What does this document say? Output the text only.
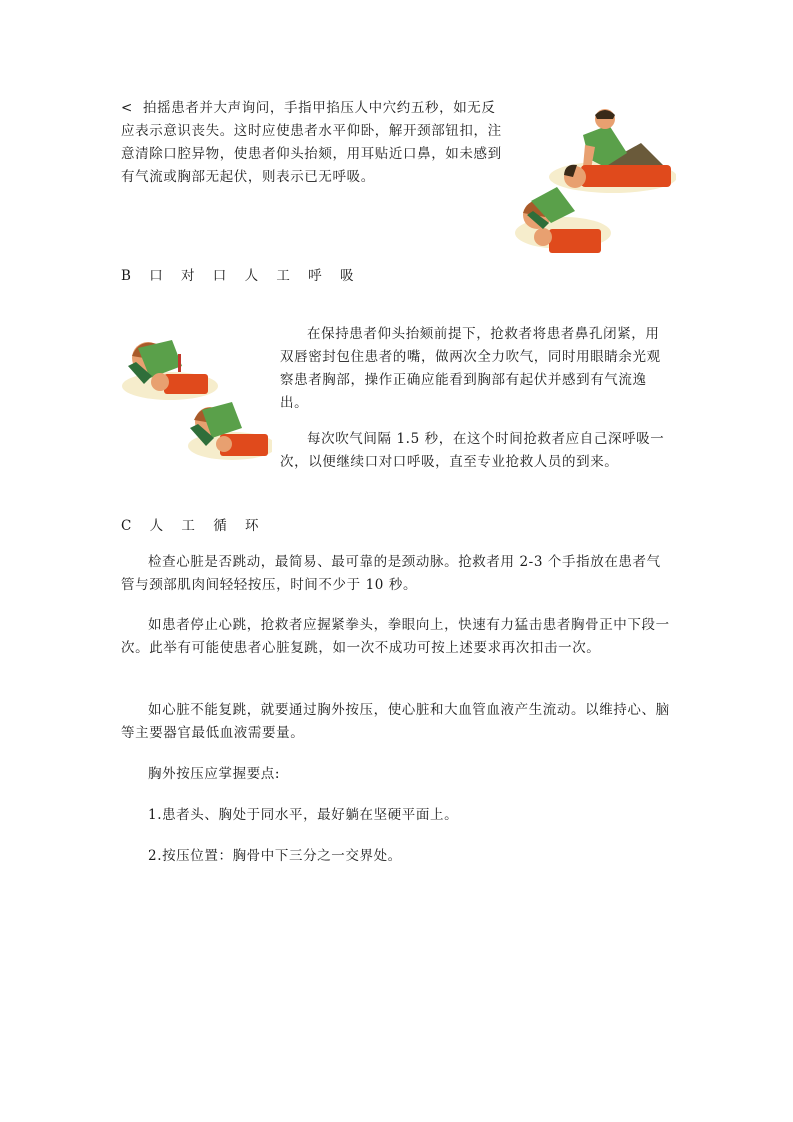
< 拍摇患者并大声询问，手指甲掐压人中穴约五秒，如无反应表示意识丧失。这时应使患者水平仰卧，解开颈部钮扣，注意清除口腔异物，使患者仰头抬颏，用耳贴近口鼻，如未感到有气流或胸部无起伏，则表示已无呼吸。

B 口 对 口 人 工 呼 吸

在保持患者仰头抬颏前提下，抢救者将患者鼻孔闭紧，用双唇密封包住患者的嘴，做两次全力吹气，同时用眼睛余光观察患者胸部，操作正确应能看到胸部有起伏并感到有气流逸出。

每次吹气间隔 1.5 秒，在这个时间抢救者应自己深呼吸一次，以便继续口对口呼吸，直至专业抢救人员的到来。

C 人 工 循 环

检查心脏是否跳动，最简易、最可靠的是颈动脉。抢救者用 2-3 个手指放在患者气管与颈部肌肉间轻轻按压，时间不少于 10 秒。

如患者停止心跳，抢救者应握紧拳头，拳眼向上，快速有力猛击患者胸骨正中下段一次。此举有可能使患者心脏复跳，如一次不成功可按上述要求再次扣击一次。

如心脏不能复跳，就要通过胸外按压，使心脏和大血管血液产生流动。以维持心、脑等主要器官最低血液需要量。

胸外按压应掌握要点:

1.患者头、胸处于同水平，最好躺在坚硬平面上。

2.按压位置：胸骨中下三分之一交界处。
